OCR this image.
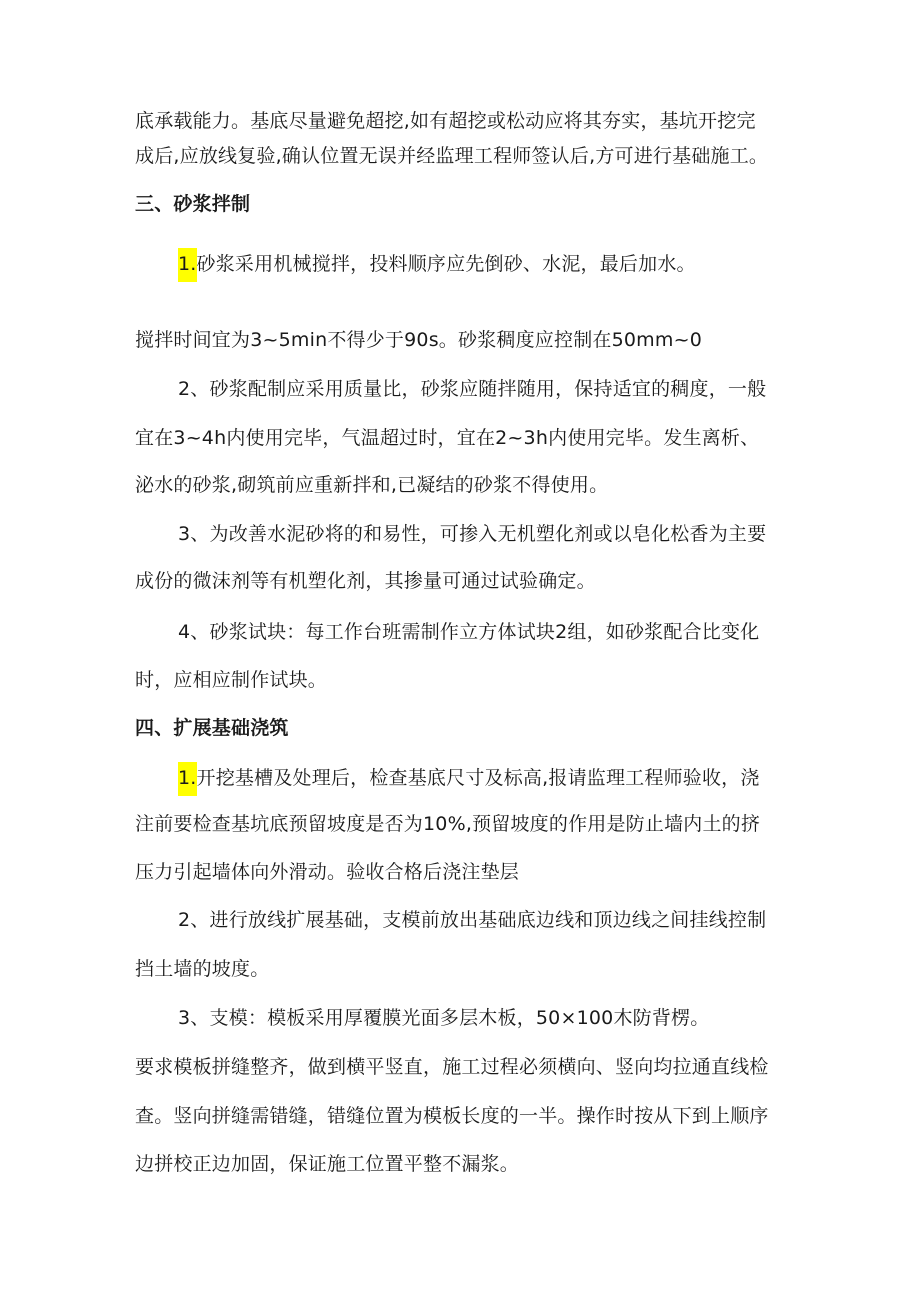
底承载能力。基底尽量避免超挖,如有超挖或松动应将其夯实，基坑开挖完
成后,应放线复验,确认位置无误并经监理工程师签认后,方可进行基础施工。
三、砂浆拌制
1.砂浆采用机械搅拌，投料顺序应先倒砂、水泥，最后加水。
搅拌时间宜为3~5min不得少于90s。砂浆稠度应控制在50mm~0
2、砂浆配制应采用质量比，砂浆应随拌随用，保持适宜的稠度，一般
宜在3~4h内使用完毕，气温超过时，宜在2~3h内使用完毕。发生离析、
泌水的砂浆,砌筑前应重新拌和,已凝结的砂浆不得使用。
3、为改善水泥砂将的和易性，可掺入无机塑化剂或以皂化松香为主要
成份的微沫剂等有机塑化剂，其掺量可通过试验确定。
4、砂浆试块：每工作台班需制作立方体试块2组，如砂浆配合比变化
时，应相应制作试块。
四、扩展基础浇筑
1.开挖基槽及处理后，检查基底尺寸及标高,报请监理工程师验收，浇
注前要检查基坑底预留坡度是否为10%,预留坡度的作用是防止墙内土的挤
压力引起墙体向外滑动。验收合格后浇注垫层
2、进行放线扩展基础，支模前放出基础底边线和顶边线之间挂线控制
挡土墙的坡度。
3、支模：模板采用厚覆膜光面多层木板，50×100木防背楞。
要求模板拼缝整齐，做到横平竖直，施工过程必须横向、竖向均拉通直线检
查。竖向拼缝需错缝，错缝位置为模板长度的一半。操作时按从下到上顺序
边拼校正边加固，保证施工位置平整不漏浆。
